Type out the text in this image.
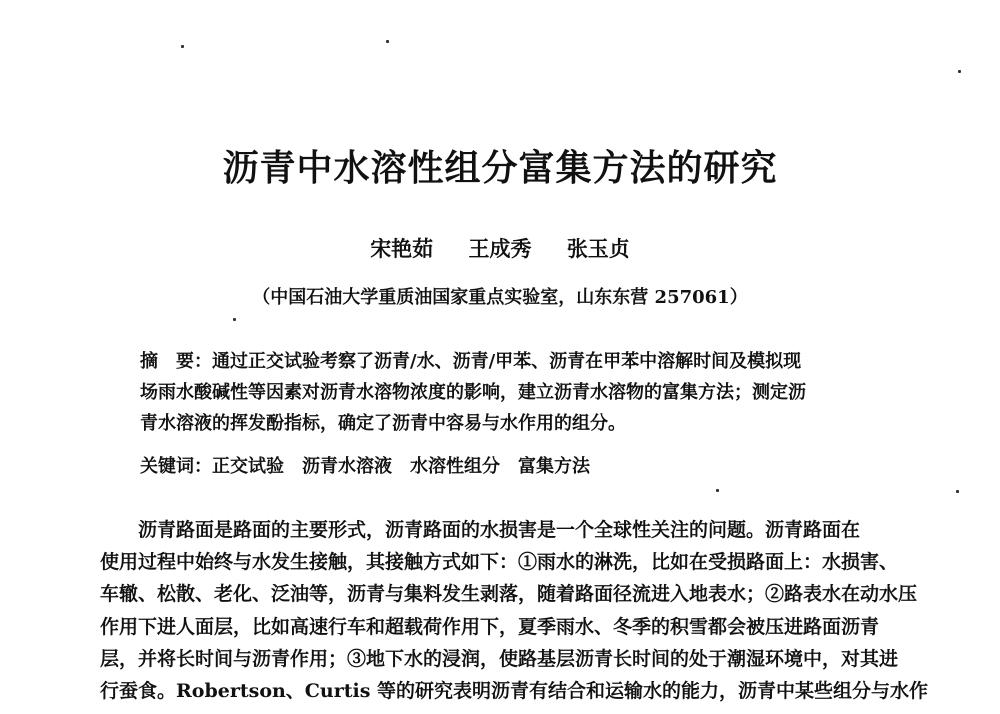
沥青中水溶性组分富集方法的研究
宋艳茹 王成秀 张玉贞
（中国石油大学重质油国家重点实验室，山东东营 257061）

摘　要：通过正交试验考察了沥青/水、沥青/甲苯、沥青在甲苯中溶解时间及模拟现

场雨水酸碱性等因素对沥青水溶物浓度的影响，建立沥青水溶物的富集方法；测定沥

青水溶液的挥发酚指标，确定了沥青中容易与水作用的组分。

关键词：正交试验 沥青水溶液 水溶性组分 富集方法

　　沥青路面是路面的主要形式，沥青路面的水损害是一个全球性关注的问题。沥青路面在

使用过程中始终与水发生接触，其接触方式如下：①雨水的淋洗，比如在受损路面上：水损害、

车辙、松散、老化、泛油等，沥青与集料发生剥落，随着路面径流进入地表水；②路表水在动水压

作用下进人面层，比如高速行车和超载荷作用下，夏季雨水、冬季的积雪都会被压进路面沥青

层，并将长时间与沥青作用；③地下水的浸润，使路基层沥青长时间的处于潮湿环境中，对其进

行蚕食。Robertson、Curtis 等的研究表明沥青有结合和运输水的能力，沥青中某些组分与水作
